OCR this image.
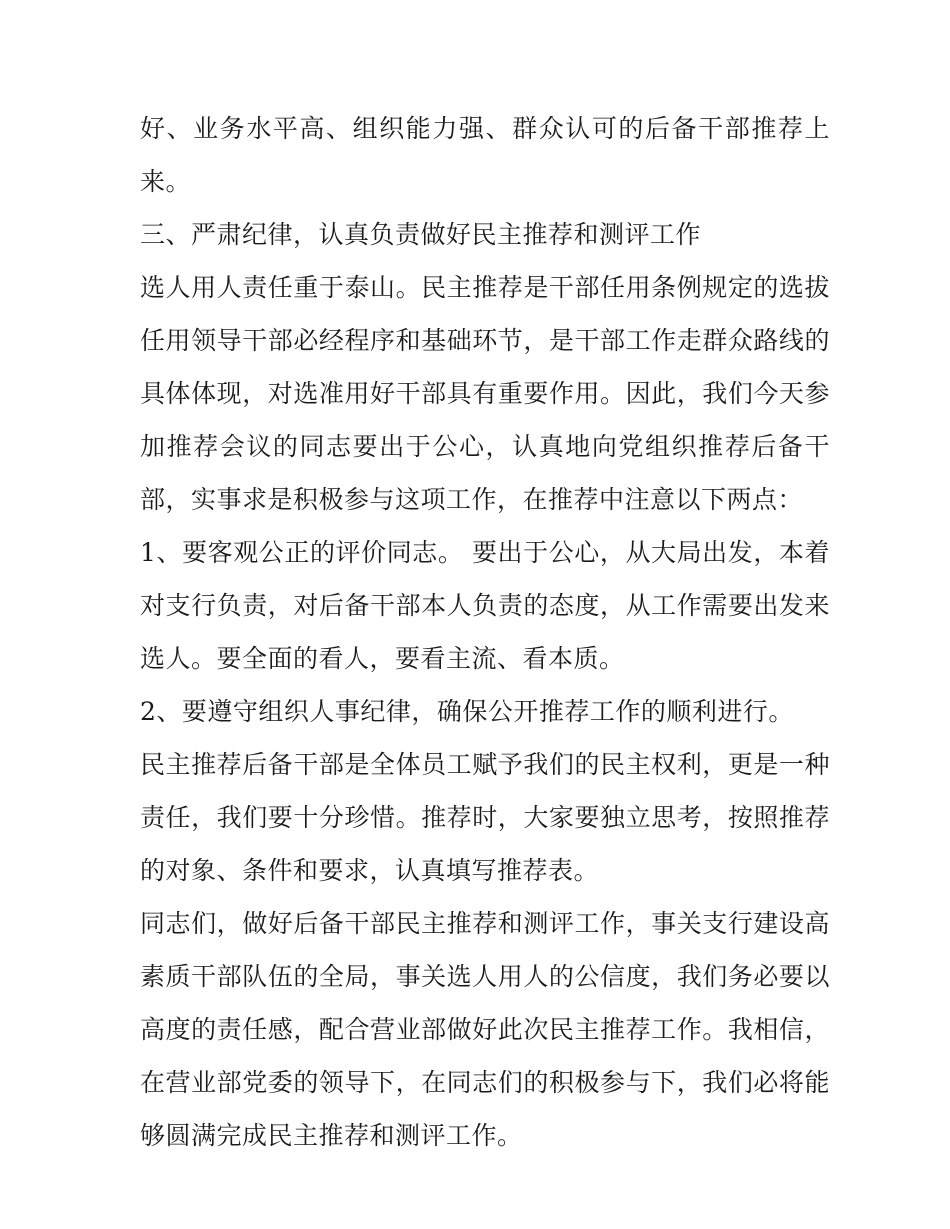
好、业务水平高、组织能力强、群众认可的后备干部推荐上来。

三、严肃纪律，认真负责做好民主推荐和测评工作

选人用人责任重于泰山。民主推荐是干部任用条例规定的选拔任用领导干部必经程序和基础环节，是干部工作走群众路线的具体体现，对选准用好干部具有重要作用。因此，我们今天参加推荐会议的同志要出于公心，认真地向党组织推荐后备干部，实事求是积极参与这项工作，在推荐中注意以下两点：

1、要客观公正的评价同志。 要出于公心，从大局出发，本着对支行负责，对后备干部本人负责的态度，从工作需要出发来选人。要全面的看人，要看主流、看本质。

2、要遵守组织人事纪律，确保公开推荐工作的顺利进行。

民主推荐后备干部是全体员工赋予我们的民主权利，更是一种责任，我们要十分珍惜。推荐时，大家要独立思考，按照推荐的对象、条件和要求，认真填写推荐表。

同志们，做好后备干部民主推荐和测评工作，事关支行建设高素质干部队伍的全局，事关选人用人的公信度，我们务必要以高度的责任感，配合营业部做好此次民主推荐工作。我相信，在营业部党委的领导下，在同志们的积极参与下，我们必将能够圆满完成民主推荐和测评工作。
